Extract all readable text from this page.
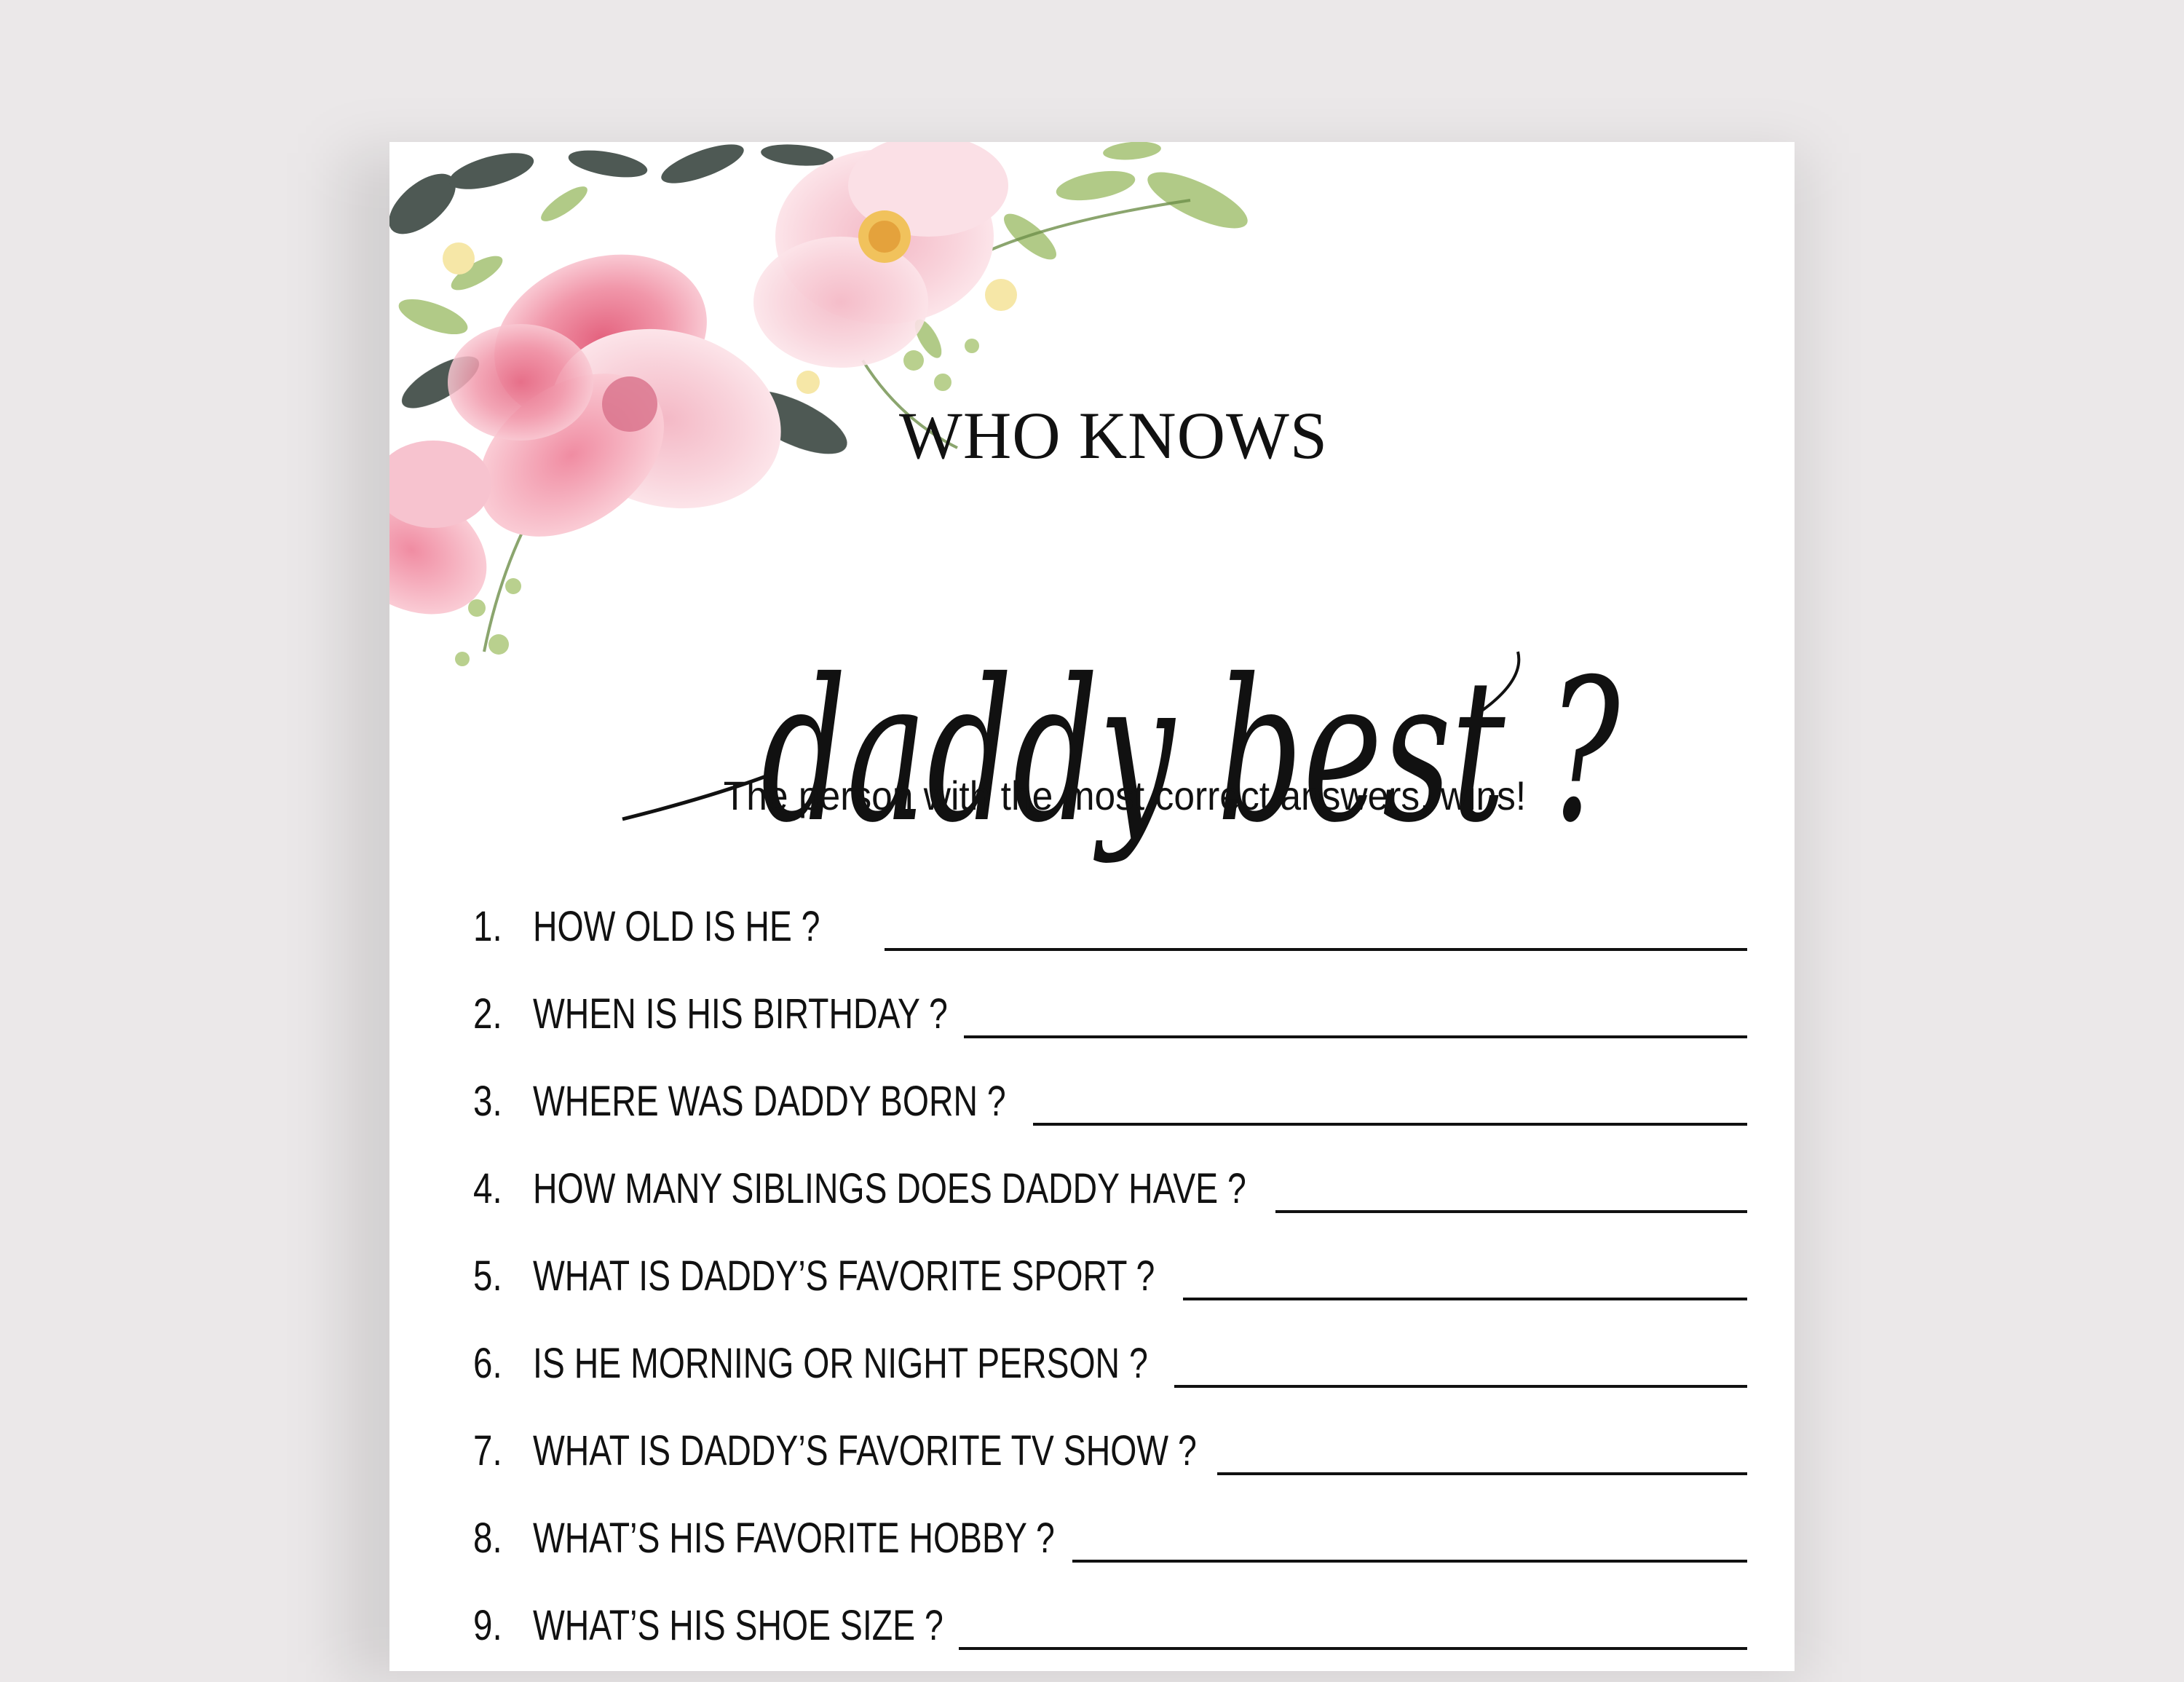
WHO KNOWS
daddy best ?

The person with the most correct answers, wins!

1. HOW OLD IS HE ?
2. WHEN IS HIS BIRTHDAY ?
3. WHERE WAS DADDY BORN ?
4. HOW MANY SIBLINGS DOES DADDY HAVE ?
5. WHAT IS DADDY’S FAVORITE SPORT ?
6. IS HE MORNING OR NIGHT PERSON ?
7. WHAT IS DADDY’S FAVORITE TV SHOW ?
8. WHAT’S HIS FAVORITE HOBBY ?
9. WHAT’S HIS SHOE SIZE ?
